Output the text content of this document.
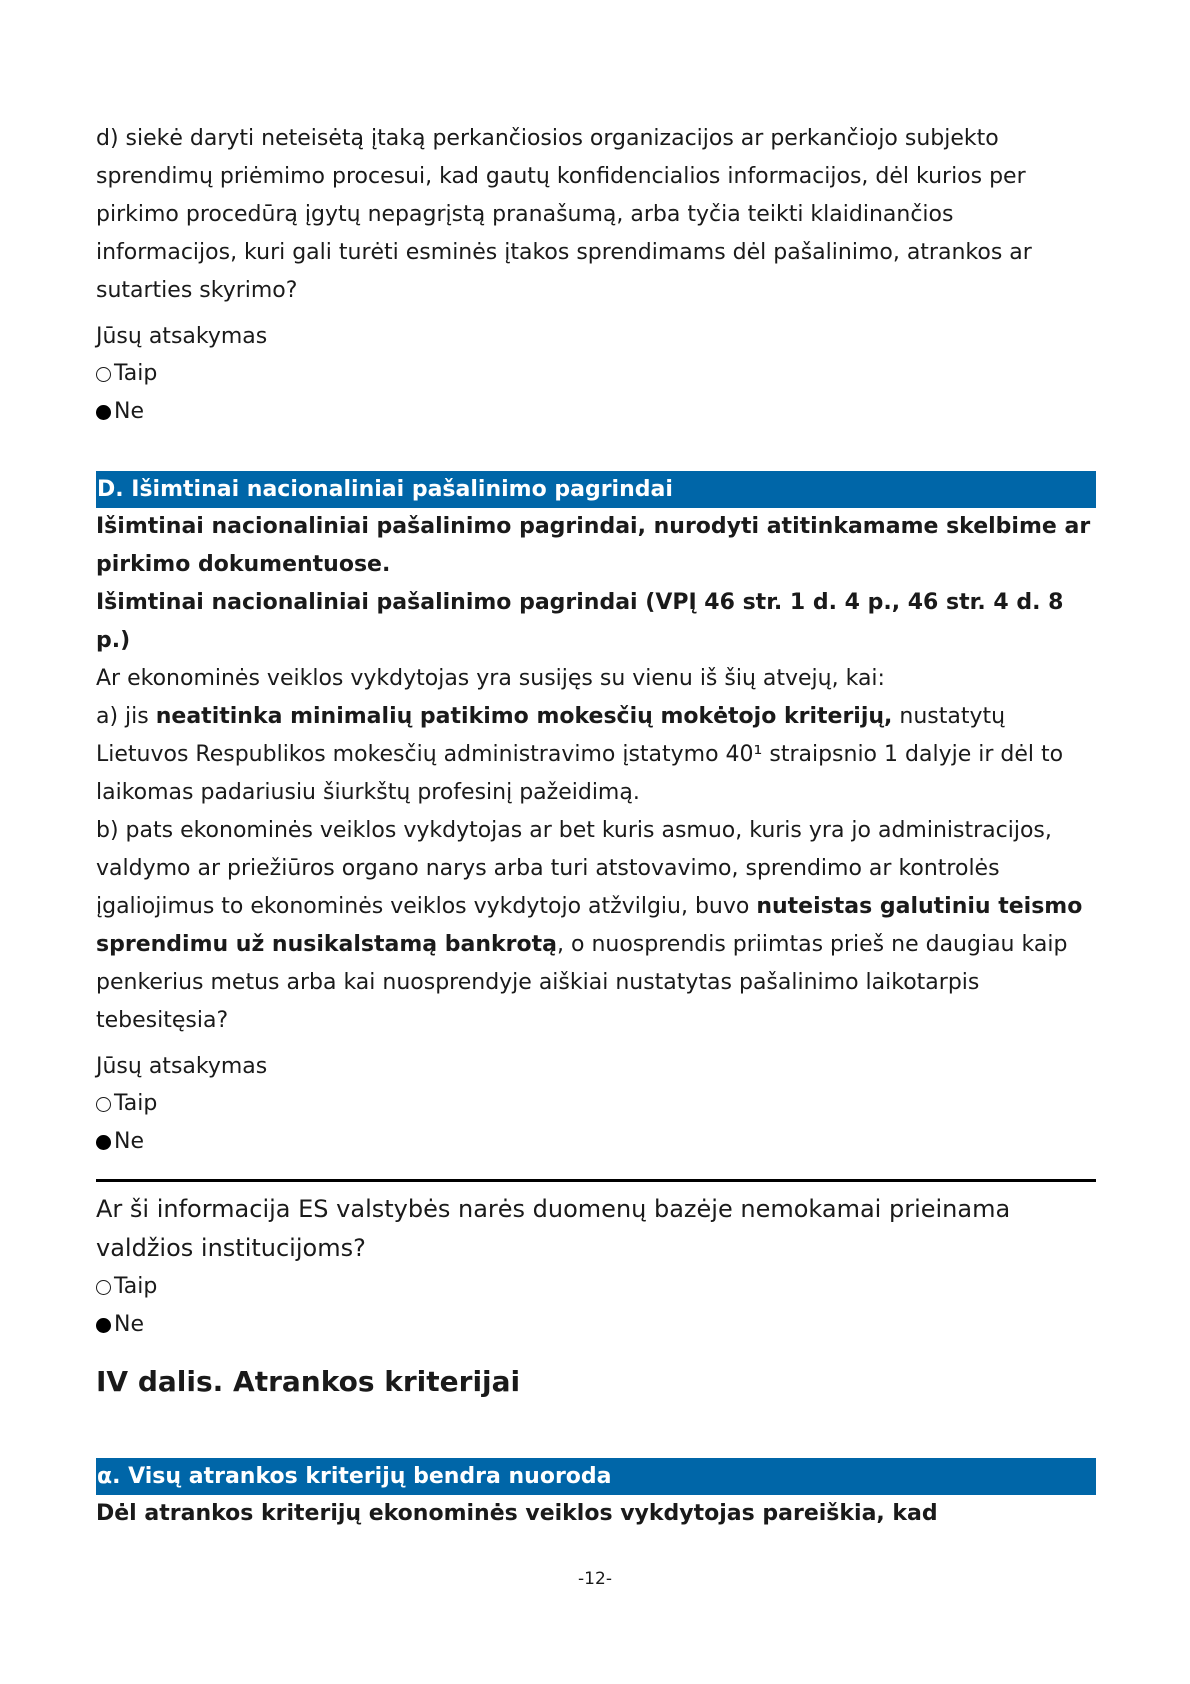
d) siekė daryti neteisėtą įtaką perkančiosios organizacijos ar perkančiojo subjekto sprendimų priėmimo procesui, kad gautų konfidencialios informacijos, dėl kurios per pirkimo procedūrą įgytų nepagrįstą pranašumą, arba tyčia teikti klaidinančios informacijos, kuri gali turėti esminės įtakos sprendimams dėl pašalinimo, atrankos ar sutarties skyrimo?

Jūsų atsakymas
Taip
Ne
D. Išimtinai nacionaliniai pašalinimo pagrindai

Išimtinai nacionaliniai pašalinimo pagrindai, nurodyti atitinkamame skelbime ar pirkimo dokumentuose.

Išimtinai nacionaliniai pašalinimo pagrindai (VPĮ 46 str. 1 d. 4 p., 46 str. 4 d. 8 p.)

Ar ekonominės veiklos vykdytojas yra susijęs su vienu iš šių atvejų, kai:

a) jis neatitinka minimalių patikimo mokesčių mokėtojo kriterijų, nustatytų Lietuvos Respublikos mokesčių administravimo įstatymo 40¹ straipsnio 1 dalyje ir dėl to laikomas padariusiu šiurkštų profesinį pažeidimą.

b) pats ekonominės veiklos vykdytojas ar bet kuris asmuo, kuris yra jo administracijos, valdymo ar priežiūros organo narys arba turi atstovavimo, sprendimo ar kontrolės įgaliojimus to ekonominės veiklos vykdytojo atžvilgiu, buvo nuteistas galutiniu teismo sprendimu už nusikalstamą bankrotą, o nuosprendis priimtas prieš ne daugiau kaip penkerius metus arba kai nuosprendyje aiškiai nustatytas pašalinimo laikotarpis tebesitęsia?

Jūsų atsakymas
Taip
Ne

Ar ši informacija ES valstybės narės duomenų bazėje nemokamai prieinama valdžios institucijoms?

Taip
Ne
IV dalis. Atrankos kriterijai
α. Visų atrankos kriterijų bendra nuoroda

Dėl atrankos kriterijų ekonominės veiklos vykdytojas pareiškia, kad

-12-
